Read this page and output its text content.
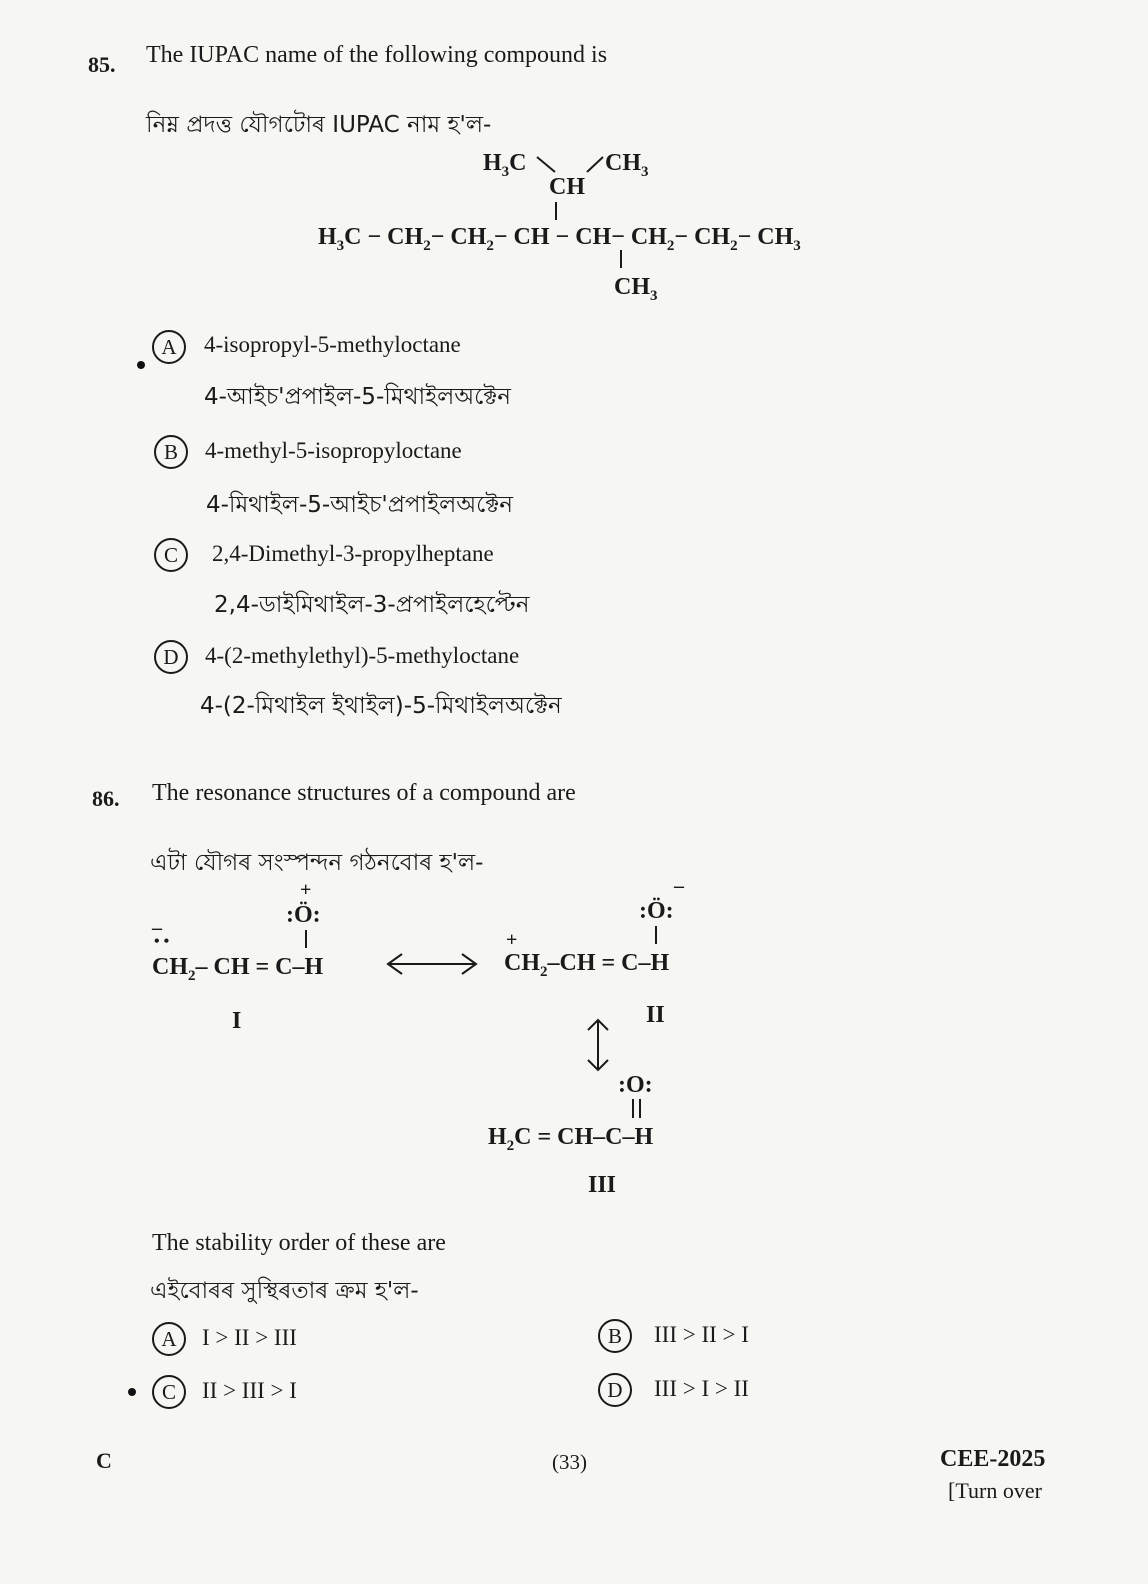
85. The IUPAC name of the following compound is
নিম্ন প্ৰদত্ত যৌগটোৰ IUPAC নাম হ'ল-
$H_3C$	$CH_3$
CH
$H_3C - CH_2- CH_2-$ CH − $CH- CH_2- CH_2- CH_3$
$CH_3$
A	4-isopropyl-5-methyloctane
4-আইচ'প্ৰপাইল-5-মিথাইলঅক্টেন
B	4-methyl-5-isopropyloctane
4-মিথাইল-5-আইচ'প্ৰপাইলঅক্টেন
C	2,4-Dimethyl-3-propylheptane
2,4-ডাইমিথাইল-3-প্ৰপাইলহেপ্টেন
D	4-(2-methylethyl)-5-methyloctane
4-(2-মিথাইল ইথাইল)-5-মিথাইলঅক্টেন
86. The resonance structures of a compound are
এটা যৌগৰ সংস্পন্দন গঠনবোৰ হ'ল-
+
:Ö:
–
• •
$CH_2-$ CH = C–H
I
:Ö:
–
+
$CH_2-CH = C-H$
II
:O:
$H_2C = CH-C-H$
III
The stability order of these are
এইবোৰৰ সুস্থিৰতাৰ ক্ৰম হ'ল-
A	I > II > III	B	III > II > I
C	II > III > I	D	III > I > II
C	(33)	CEE-2025
[Turn over
